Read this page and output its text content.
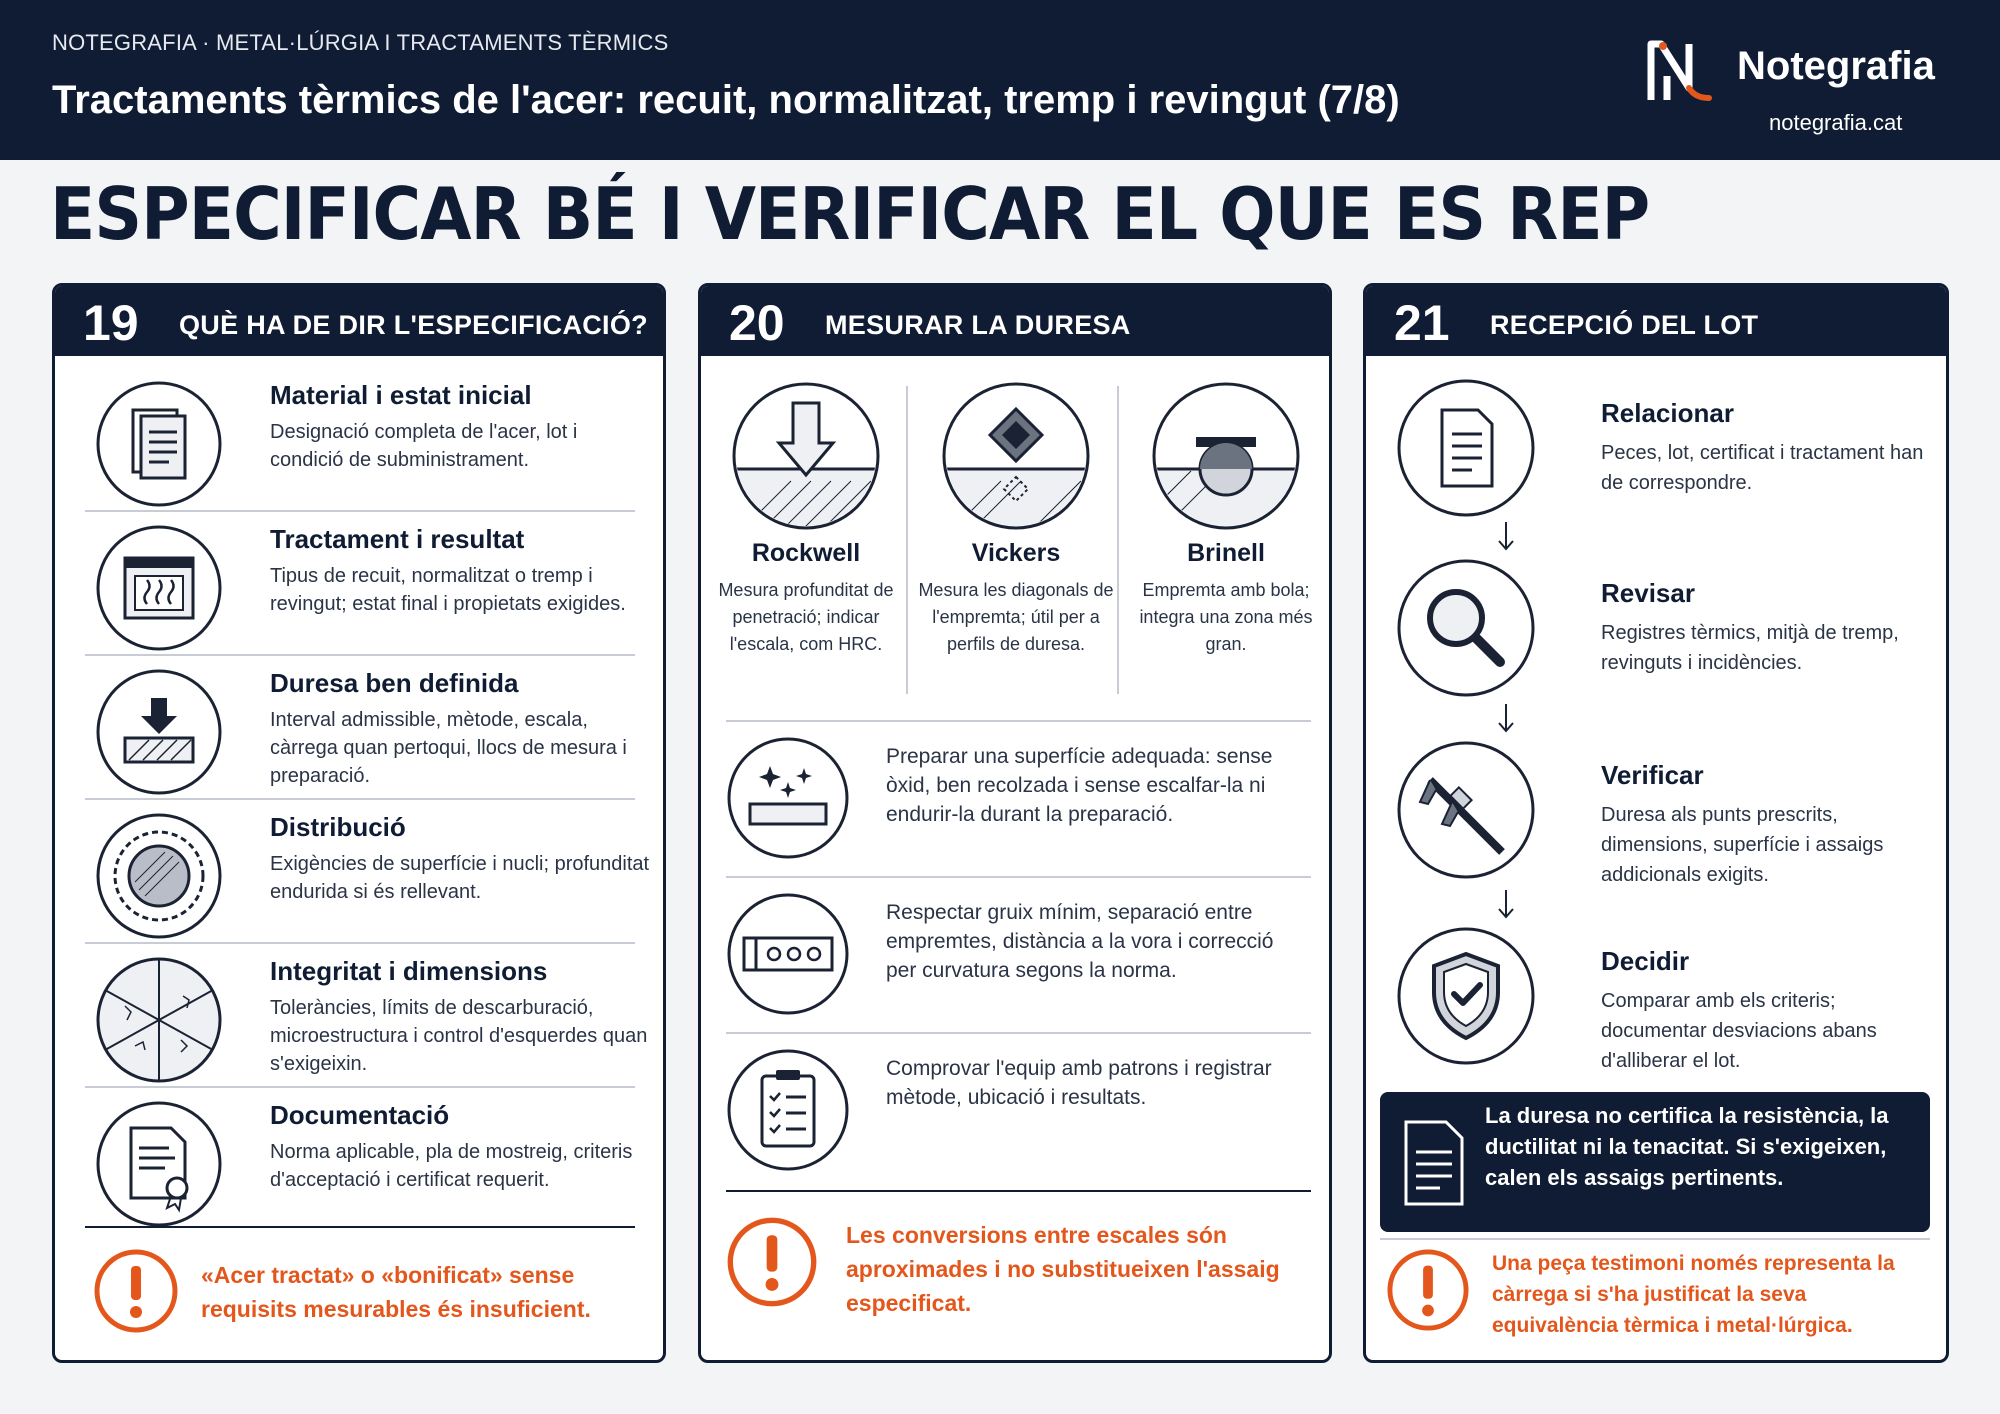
NOTEGRAFIA · METAL·LÚRGIA I TRACTAMENTS TÈRMICS
Tractaments tèrmics de l'acer: recuit, normalitzat, tremp i revingut (7/8)
Notegrafia
notegrafia.cat
ESPECIFICAR BÉ I VERIFICAR EL QUE ES REP
19 QUÈ HA DE DIR L'ESPECIFICACIÓ?
Material i estat inicial
Designació completa de l'acer, lot i condició de subministrament.
Tractament i resultat
Tipus de recuit, normalitzat o tremp i revingut; estat final i propietats exigides.
Duresa ben definida
Interval admissible, mètode, escala, càrrega quan pertoqui, llocs de mesura i preparació.
Distribució
Exigències de superfície i nucli; profunditat endurida si és rellevant.
Integritat i dimensions
Toleràncies, límits de descarburació, microestructura i control d'esquerdes quan s'exigeixin.
Documentació
Norma aplicable, pla de mostreig, criteris d'acceptació i certificat requerit.
«Acer tractat» o «bonificat» sense requisits mesurables és insuficient.
20 MESURAR LA DURESA
Rockwell
Mesura profunditat de penetració; indicar l'escala, com HRC.
Vickers
Mesura les diagonals de l'empremta; útil per a perfils de duresa.
Brinell
Empremta amb bola; integra una zona més gran.
Preparar una superfície adequada: sense òxid, ben recolzada i sense escalfar-la ni endurir-la durant la preparació.
Respectar gruix mínim, separació entre empremtes, distància a la vora i correcció per curvatura segons la norma.
Comprovar l'equip amb patrons i registrar mètode, ubicació i resultats.
Les conversions entre escales són aproximades i no substitueixen l'assaig especificat.
21 RECEPCIÓ DEL LOT
Relacionar
Peces, lot, certificat i tractament han de correspondre.
Revisar
Registres tèrmics, mitjà de tremp, revinguts i incidències.
Verificar
Duresa als punts prescrits, dimensions, superfície i assaigs addicionals exigits.
Decidir
Comparar amb els criteris; documentar desviacions abans d'alliberar el lot.
La duresa no certifica la resistència, la ductilitat ni la tenacitat. Si s'exigeixen, calen els assaigs pertinents.
Una peça testimoni només representa la càrrega si s'ha justificat la seva equivalència tèrmica i metal·lúrgica.
